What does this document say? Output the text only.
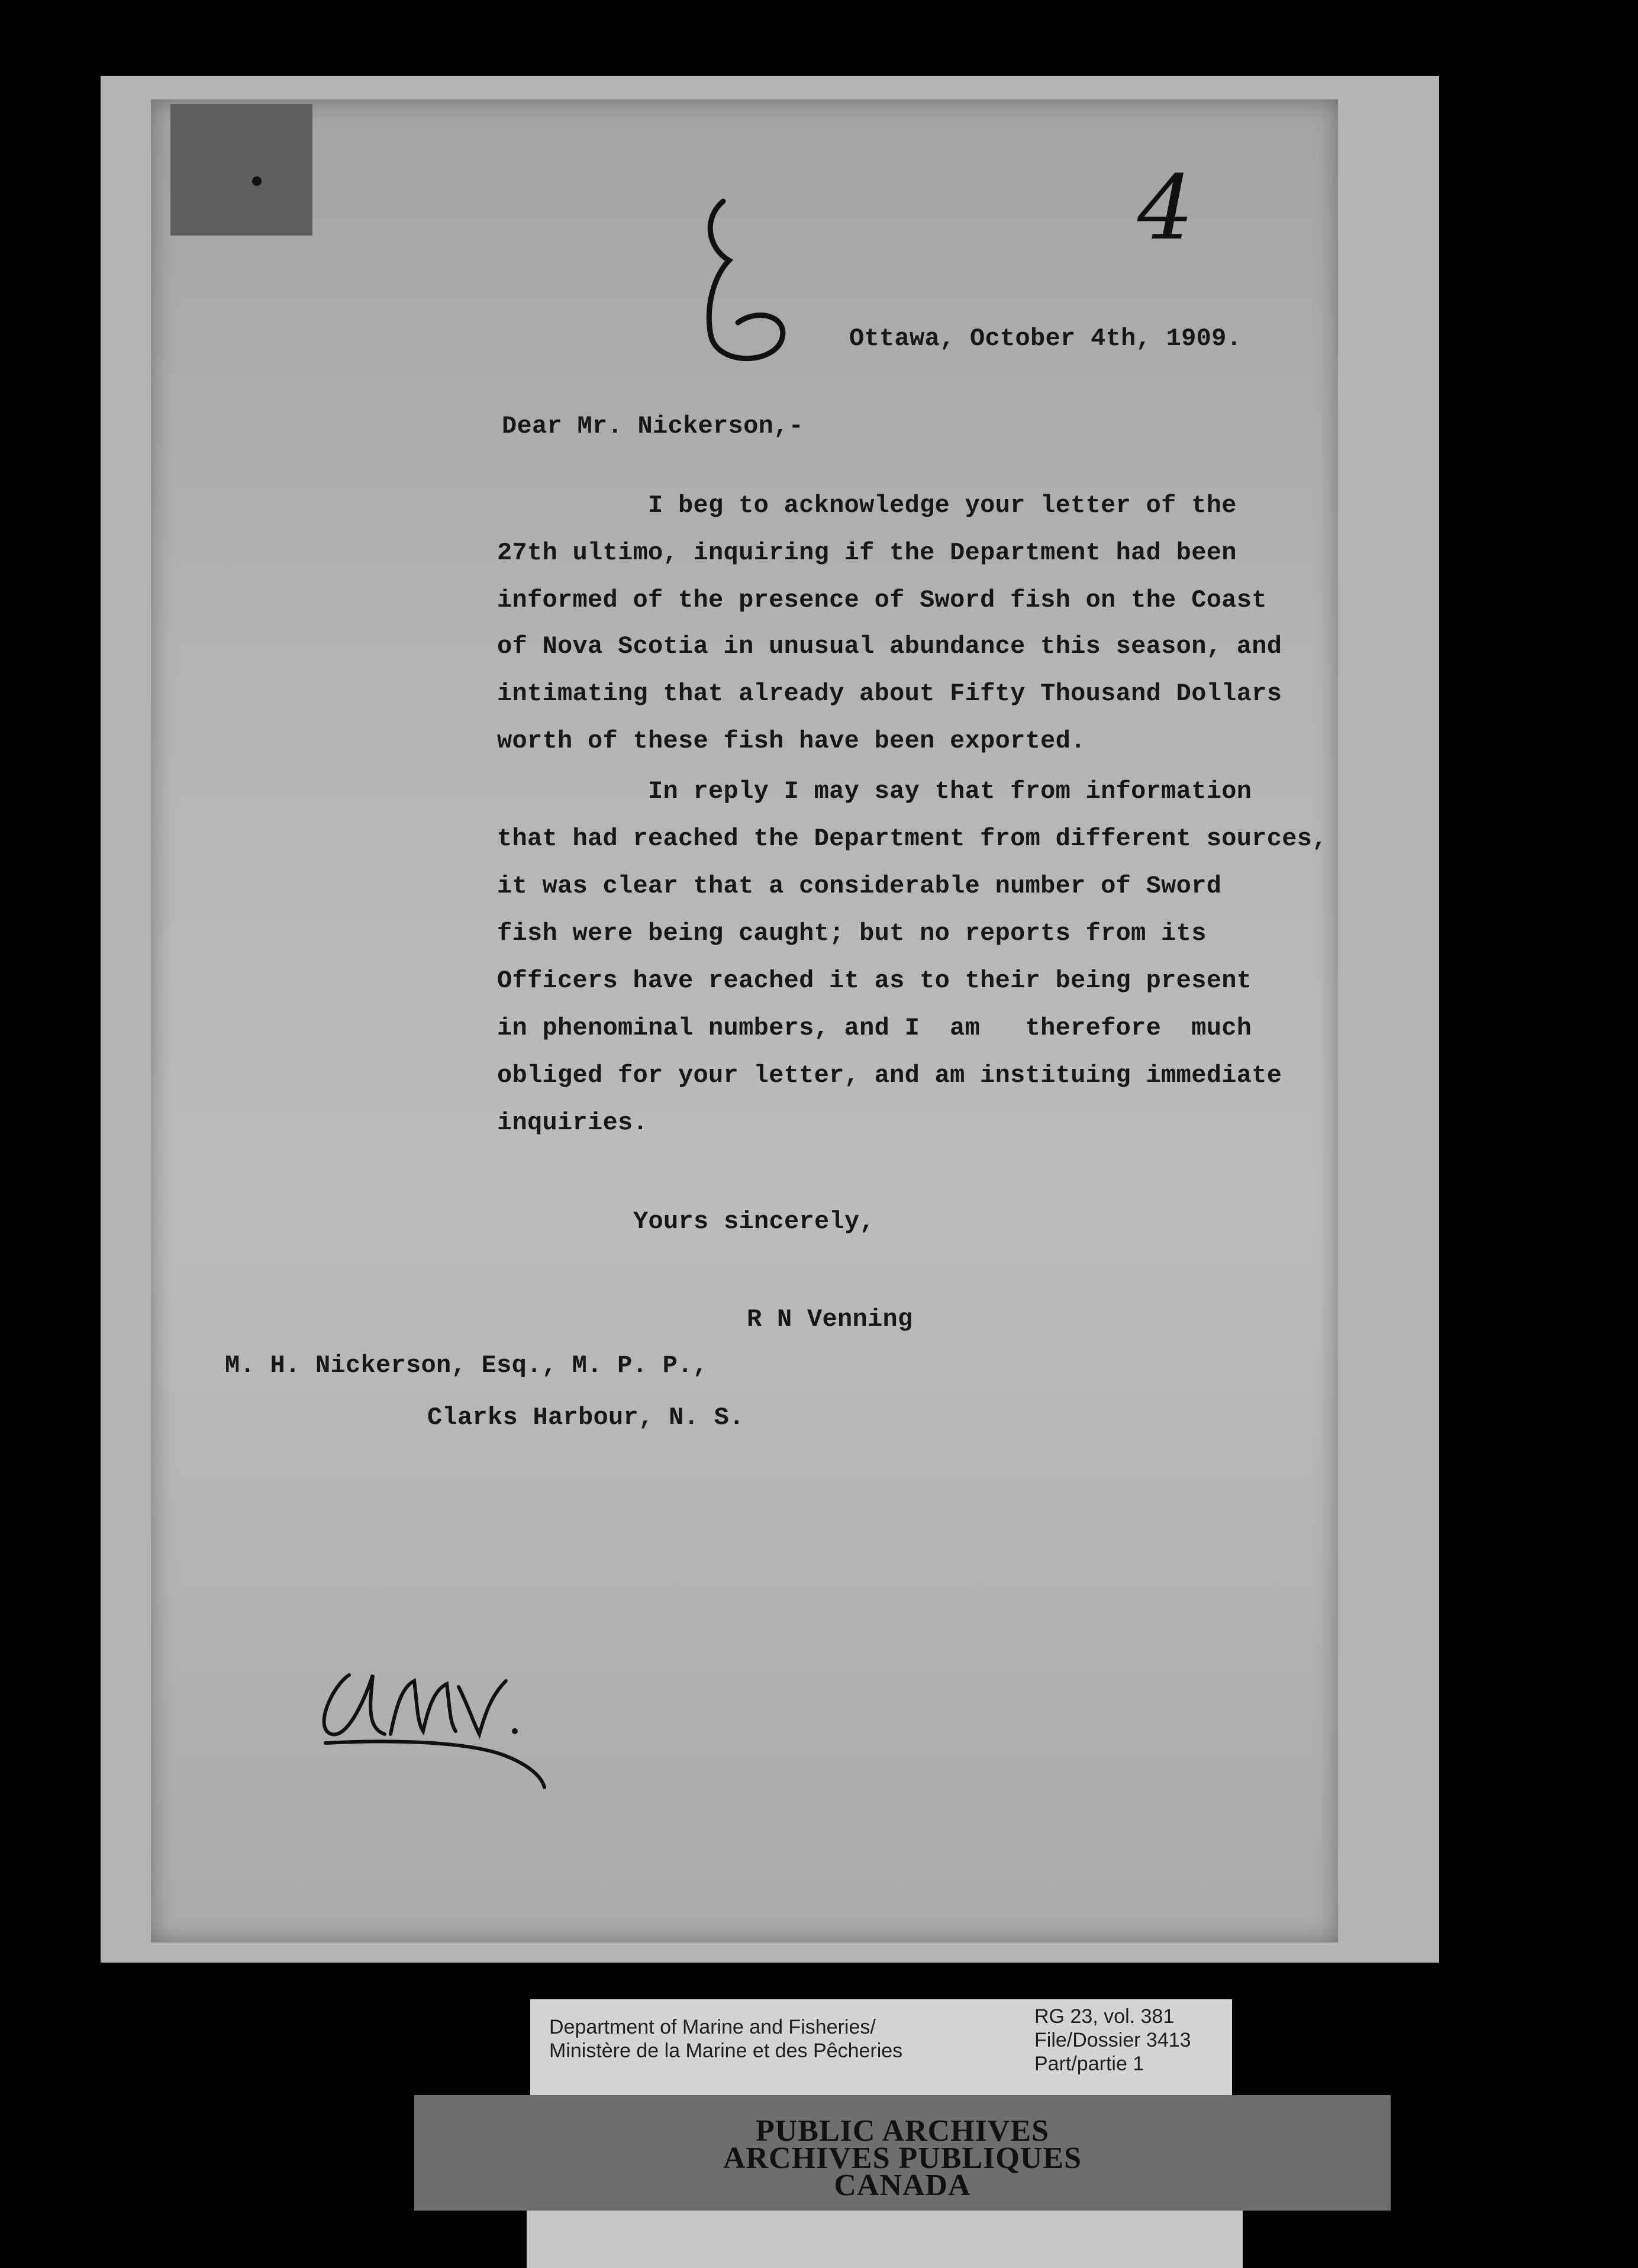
4
Ottawa, October 4th, 1909.
Dear Mr. Nickerson,-
I beg to acknowledge your letter of the
27th ultimo, inquiring if the Department had been
informed of the presence of Sword fish on the Coast
of Nova Scotia in unusual abundance this season, and
intimating that already about Fifty Thousand Dollars
worth of these fish have been exported.
In reply I may say that from information
that had reached the Department from different sources,
it was clear that a considerable number of Sword
fish were being caught; but no reports from its
Officers have reached it as to their being present
in phenominal numbers, and I  am   therefore  much
obliged for your letter, and am instituing immediate
inquiries.
Yours sincerely,
R N Venning
M. H. Nickerson, Esq., M. P. P.,
Clarks Harbour, N. S.
Department of Marine and Fisheries/
Ministère de la Marine et des Pêcheries
RG 23, vol. 381
File/Dossier 3413
Part/partie 1
PUBLIC ARCHIVES
ARCHIVES PUBLIQUES
CANADA
